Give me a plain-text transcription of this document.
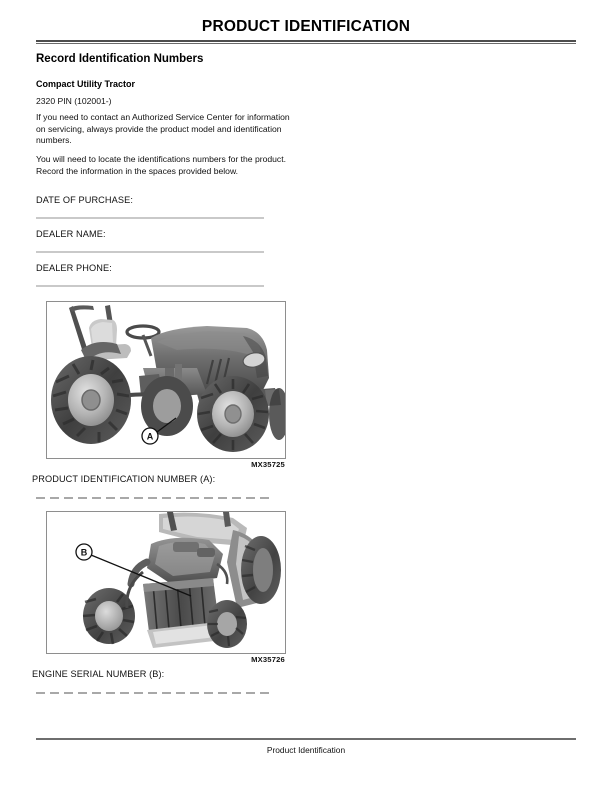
PRODUCT IDENTIFICATION
Record Identification Numbers
Compact Utility Tractor
2320 PIN (102001-)
If you need to contact an Authorized Service Center for information on servicing, always provide the product model and identification numbers.
You will need to locate the identifications numbers for the product. Record the information in the spaces provided below.
DATE OF PURCHASE:
DEALER NAME:
DEALER PHONE:
A
MX35725
PRODUCT IDENTIFICATION NUMBER (A):
B
MX35726
ENGINE SERIAL NUMBER (B):
Product Identification
